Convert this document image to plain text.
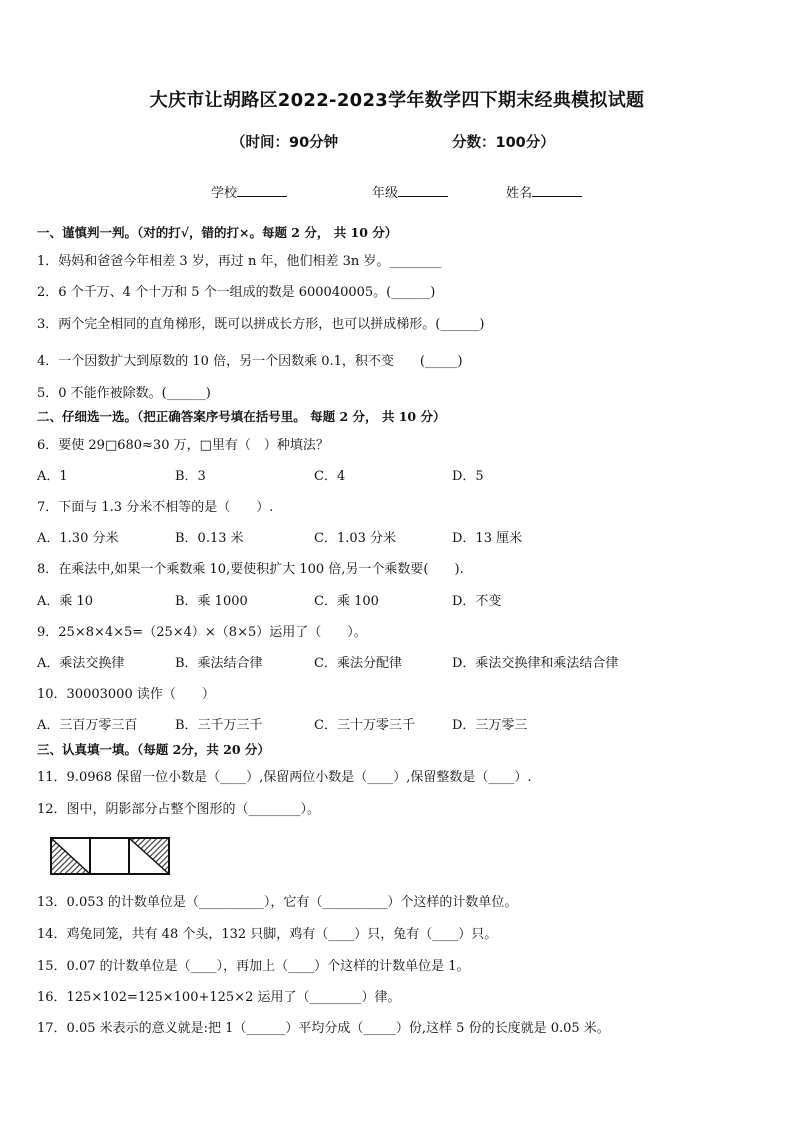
大庆市让胡路区2022-2023学年数学四下期末经典模拟试题
（时间：90分钟	分数：100分）
学校	年级	姓名
一、谨慎判一判。（对的打√，错的打×。每题 2 分， 共 10 分）
1．妈妈和爸爸今年相差 3 岁，再过 n 年，他们相差 3n 岁。________
2．6 个千万、4 个十万和 5 个一组成的数是 600040005。(______)
3．两个完全相同的直角梯形，既可以拼成长方形，也可以拼成梯形。(______)
4．一个因数扩大到原数的 10 倍，另一个因数乘 0.1，积不变　　(_____)
5．0 不能作被除数。(______)
二、仔细选一选。（把正确答案序号填在括号里。 每题 2 分， 共 10 分）
6．要使 29□680≈30 万，□里有（　）种填法？
A．1	B．3	C．4	D．5
7．下面与 1.3 分米不相等的是（　　）.
A．1.30 分米	B．0.13 米	C．1.03 分米	D．13 厘米
8．在乘法中,如果一个乘数乘 10,要使积扩大 100 倍,另一个乘数要(　　).
A．乘 10	B．乘 1000	C．乘 100	D．不变
9．25×8×4×5=（25×4）×（8×5）运用了（　　）。
A．乘法交换律	B．乘法结合律	C．乘法分配律	D．乘法交换律和乘法结合律
10．30003000 读作（　　）
A．三百万零三百	B．三千万三千	C．三十万零三千	D．三万零三
三、认真填一填。（每题 2分，共 20 分）
11．9.0968 保留一位小数是（____）,保留两位小数是（____）,保留整数是（____）.
12．图中，阴影部分占整个图形的（________）。
13．0.053 的计数单位是（__________），它有（__________）个这样的计数单位。
14．鸡兔同笼，共有 48 个头，132 只脚，鸡有（____）只，兔有（____）只。
15．0.07 的计数单位是（____），再加上（____）个这样的计数单位是 1。
16．125×102=125×100+125×2 运用了（________）律。
17．0.05 米表示的意义就是:把 1（______）平均分成（_____）份,这样 5 份的长度就是 0.05 米。
